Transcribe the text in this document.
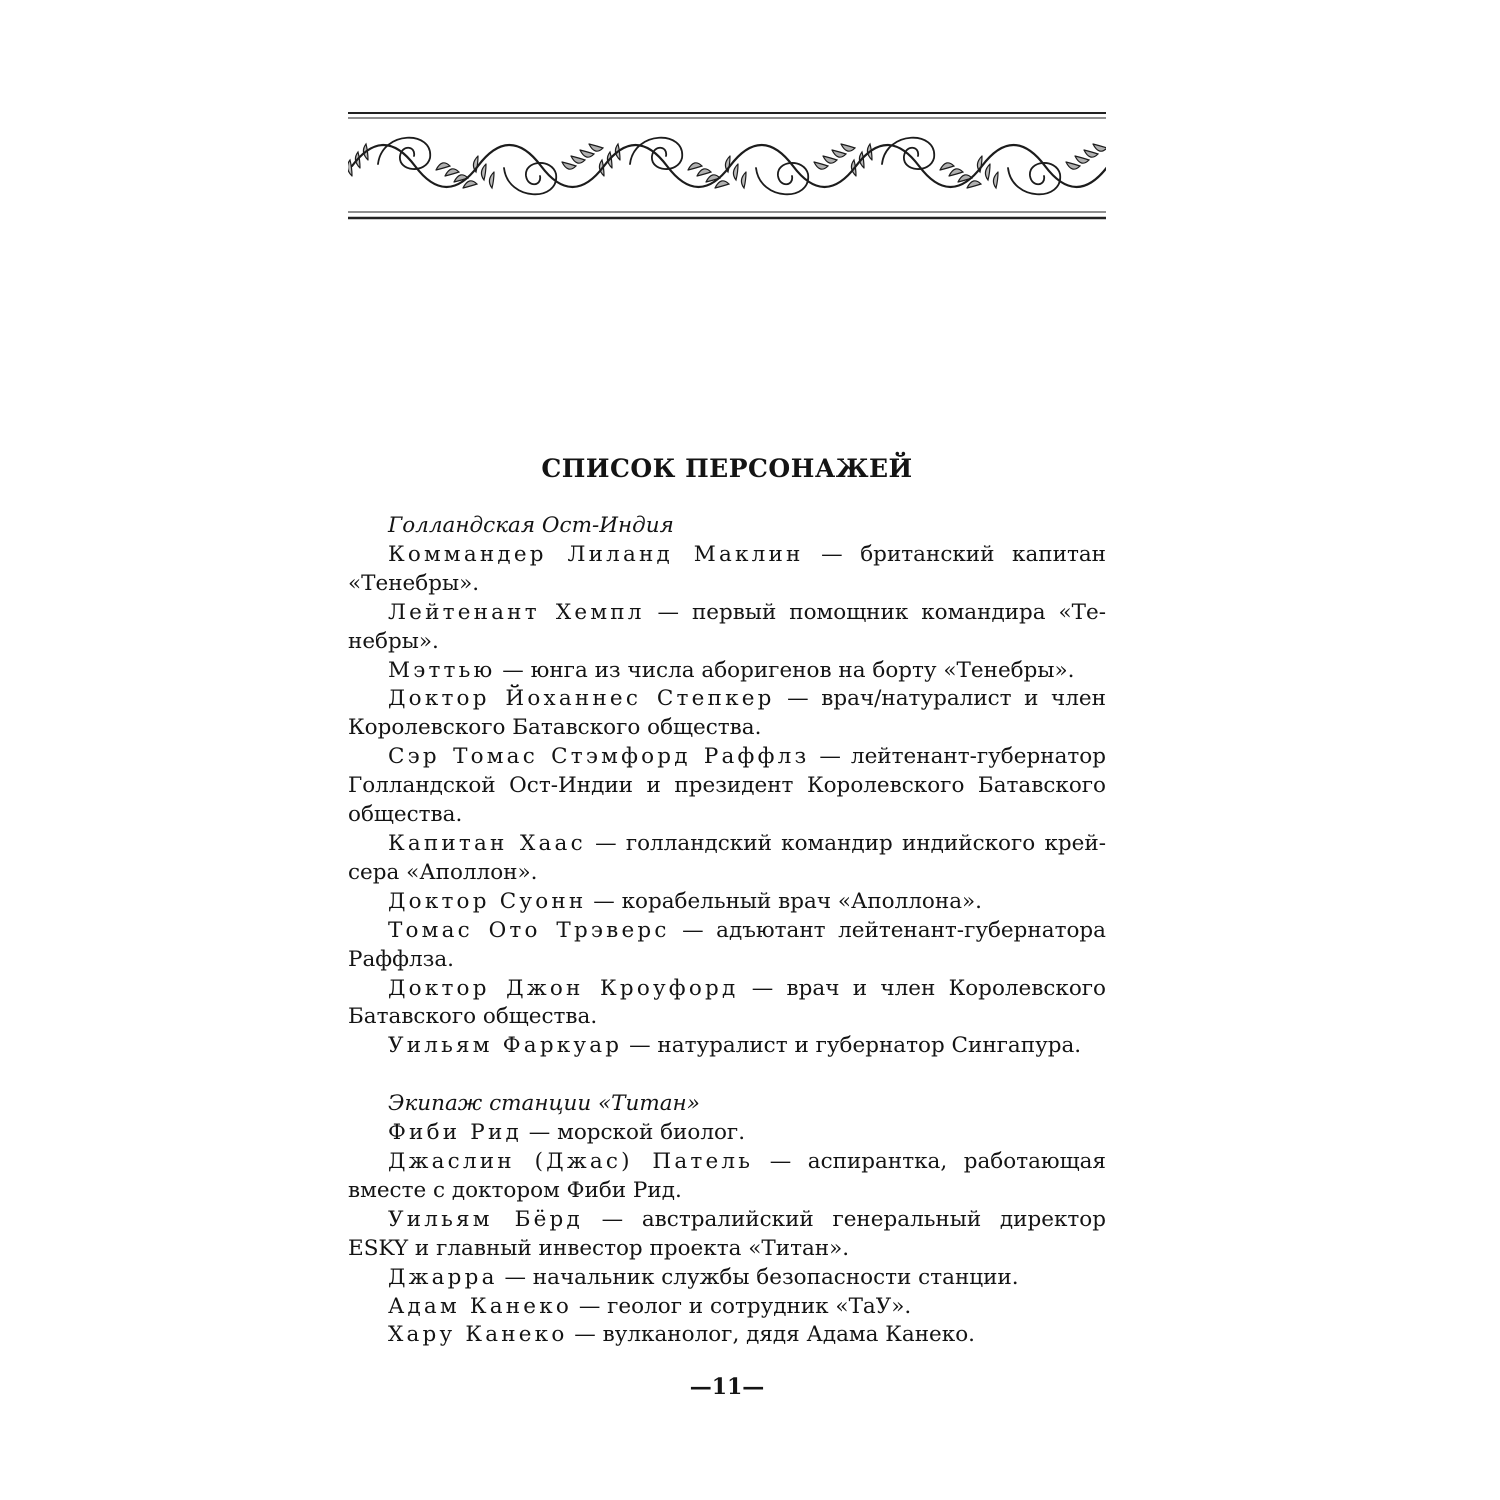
СПИСОК ПЕРСОНАЖЕЙ

Голландская Ост-Индия

Коммандер Лиланд Маклин — британский капитан «Тенебры».

Лейтенант Хемпл — первый помощник командира «Тенебры».

Мэттью — юнга из числа аборигенов на борту «Тенебры».

Доктор Йоханнес Степкер — врач/натуралист и член Королевского Батавского общества.

Сэр Томас Стэмфорд Раффлз — лейтенант-губернатор Голландской Ост-Индии и президент Королевского Батавского общества.

Капитан Хаас — голландский командир индийского крейсера «Аполлон».

Доктор Суонн — корабельный врач «Аполлона».

Томас Ото Трэверс — адъютант лейтенант-губернатора Раффлза.

Доктор Джон Кроуфорд — врач и член Королевского Батавского общества.

Уильям Фаркуар — натуралист и губернатор Сингапура.

Экипаж станции «Титан»

Фиби Рид — морской биолог.

Джаслин (Джас) Патель — аспирантка, работающая вместе с доктором Фиби Рид.

Уильям Бёрд — австралийский генеральный директор ESKY и главный инвестор проекта «Титан».

Джарра — начальник службы безопасности станции.

Адам Канеко — геолог и сотрудник «ТаУ».

Хару Канеко — вулканолог, дядя Адама Канеко.

—11—
